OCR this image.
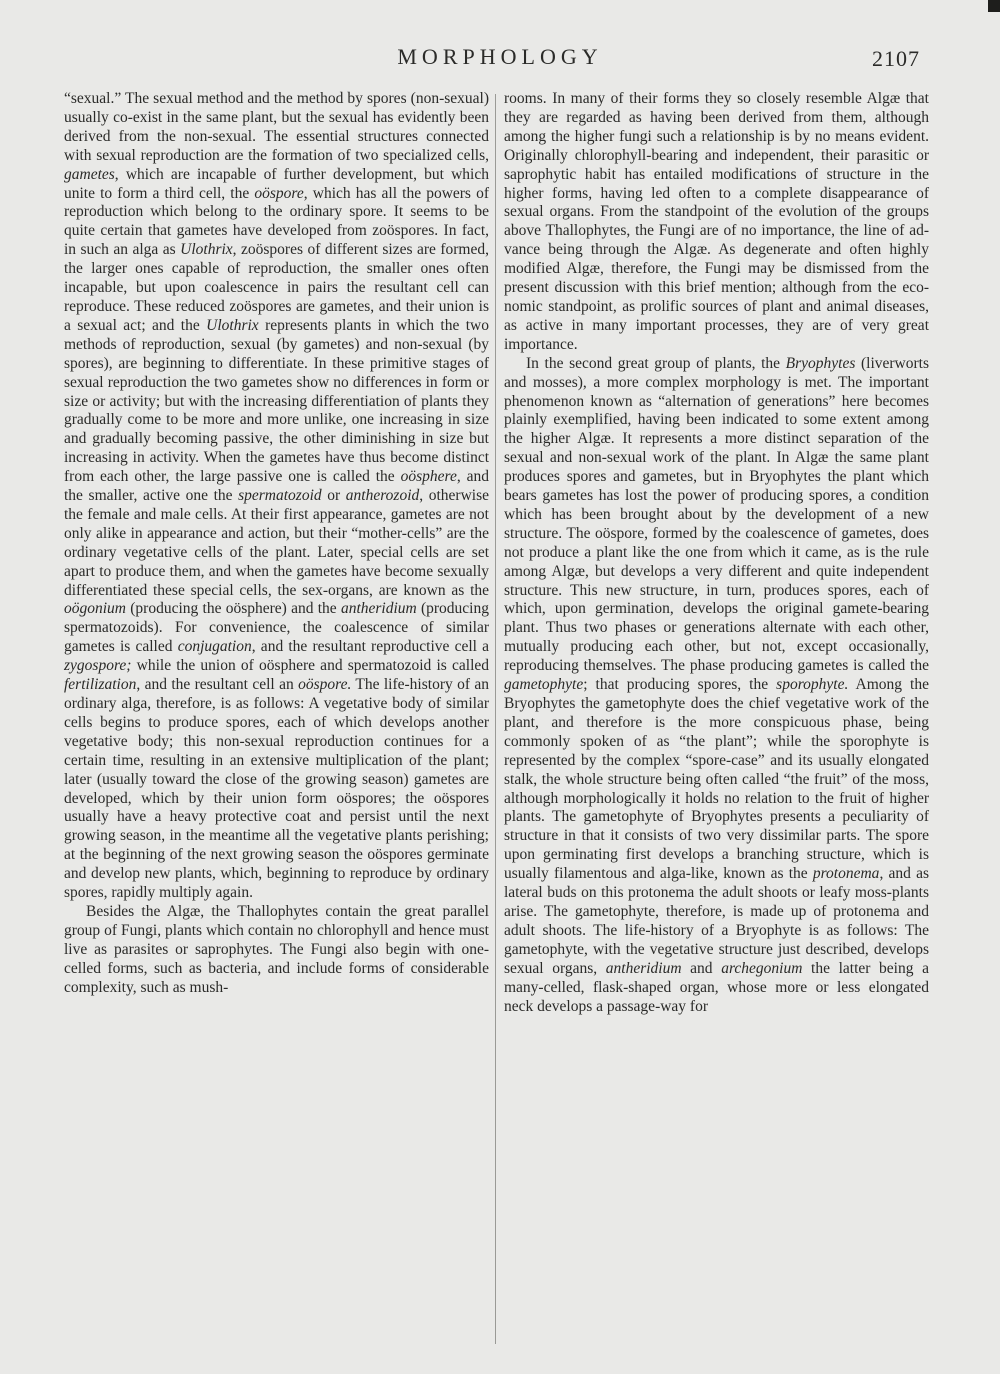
MORPHOLOGY	2107

“sexual.” The sexual method and the method by spores (non-sexual) usually co-exist in the same plant, but the sexual has evidently been derived from the non-sexual. The essential structures connected with sexual reproduction are the formation of two specialized cells, gametes, which are incapable of further development, but which unite to form a third cell, the oöspore, which has all the powers of reproduction which belong to the ordinary spore. It seems to be quite certain that gametes have developed from zoöspores. In fact, in such an alga as Ulothrix, zoöspores of different sizes are formed, the larger ones capable of reproduction, the smaller ones often incapable, but upon coalescence in pairs the resultant cell can reproduce. These reduced zoöspores are gametes, and their union is a sexual act; and the Ulothrix represents plants in which the two methods of reproduction, sexual (by gametes) and non-sexual (by spores), are beginning to differentiate. In these primitive stages of sexual reproduction the two gametes show no differences in form or size or activity; but with the increasing differentiation of plants they gradually come to be more and more unlike, one increasing in size and gradually becoming passive, the other diminishing in size but increasing in activity. When the gametes have thus become distinct from each other, the large passive one is called the oösphere, and the smaller, active one the spermatozoid or antherozoid, otherwise the female and male cells. At their first appearance, gametes are not only alike in appearance and action, but their “mother-cells” are the ordinary vegetative cells of the plant. Later, special cells are set apart to produce them, and when the gametes have become sexually differentiated these special cells, the sex-organs, are known as the oögonium (producing the oösphere) and the antheridium (producing spermatozoids). For convenience, the coalescence of similar gametes is called conjugation, and the resultant reproductive cell a zygospore; while the union of oösphere and spermatozoid is called fertilization, and the resultant cell an oöspore. The life-history of an ordinary alga, therefore, is as follows: A vegetative body of similar cells begins to produce spores, each of which develops another vegetative body; this non-sexual reproduction continues for a certain time, resulting in an extensive multiplication of the plant; later (usually toward the close of the growing season) gametes are developed, which by their union form oöspores; the oöspores usually have a heavy protective coat and persist until the next growing season, in the meantime all the vegetative plants perishing; at the beginning of the next growing season the oöspores germinate and develop new plants, which, beginning to reproduce by ordinary spores, rapidly multiply again.

Besides the Algæ, the Thallophytes contain the great parallel group of Fungi, plants which contain no chlorophyll and hence must live as parasites or saprophytes. The Fungi also begin with one-celled forms, such as bacteria, and include forms of considerable complexity, such as mush-

rooms. In many of their forms they so closely resemble Algæ that they are regarded as having been derived from them, although among the higher fungi such a relationship is by no means evident. Originally chlorophyll-bearing and independent, their parasitic or saprophytic habit has entailed modifications of structure in the higher forms, having led often to a complete disappearance of sexual organs. From the standpoint of the evolution of the groups above Thallophytes, the Fungi are of no importance, the line of advance being through the Algæ. As degenerate and often highly modified Algæ, therefore, the Fungi may be dismissed from the present discussion with this brief mention; although from the economic standpoint, as prolific sources of plant and animal diseases, as active in many important processes, they are of very great importance.

In the second great group of plants, the Bryophytes (liverworts and mosses), a more complex morphology is met. The important phenomenon known as “alternation of generations” here becomes plainly exemplified, having been indicated to some extent among the higher Algæ. It represents a more distinct separation of the sexual and non-sexual work of the plant. In Algæ the same plant produces spores and gametes, but in Bryophytes the plant which bears gametes has lost the power of producing spores, a condition which has been brought about by the development of a new structure. The oöspore, formed by the coalescence of gametes, does not produce a plant like the one from which it came, as is the rule among Algæ, but develops a very different and quite independent structure. This new structure, in turn, produces spores, each of which, upon germination, develops the original gamete-bearing plant. Thus two phases or generations alternate with each other, mutually producing each other, but not, except occasionally, reproducing themselves. The phase producing gametes is called the gametophyte; that producing spores, the sporophyte. Among the Bryophytes the gametophyte does the chief vegetative work of the plant, and therefore is the more conspicuous phase, being commonly spoken of as “the plant”; while the sporophyte is represented by the complex “spore-case” and its usually elongated stalk, the whole structure being often called “the fruit” of the moss, although morphologically it holds no relation to the fruit of higher plants. The gametophyte of Bryophytes presents a peculiarity of structure in that it consists of two very dissimilar parts. The spore upon germinating first develops a branching structure, which is usually filamentous and alga-like, known as the protonema, and as lateral buds on this protonema the adult shoots or leafy moss-plants arise. The gametophyte, therefore, is made up of protonema and adult shoots. The life-history of a Bryophyte is as follows: The gametophyte, with the vegetative structure just described, develops sexual organs, antheridium and archegonium the latter being a many-celled, flask-shaped organ, whose more or less elongated neck develops a passage-way for
